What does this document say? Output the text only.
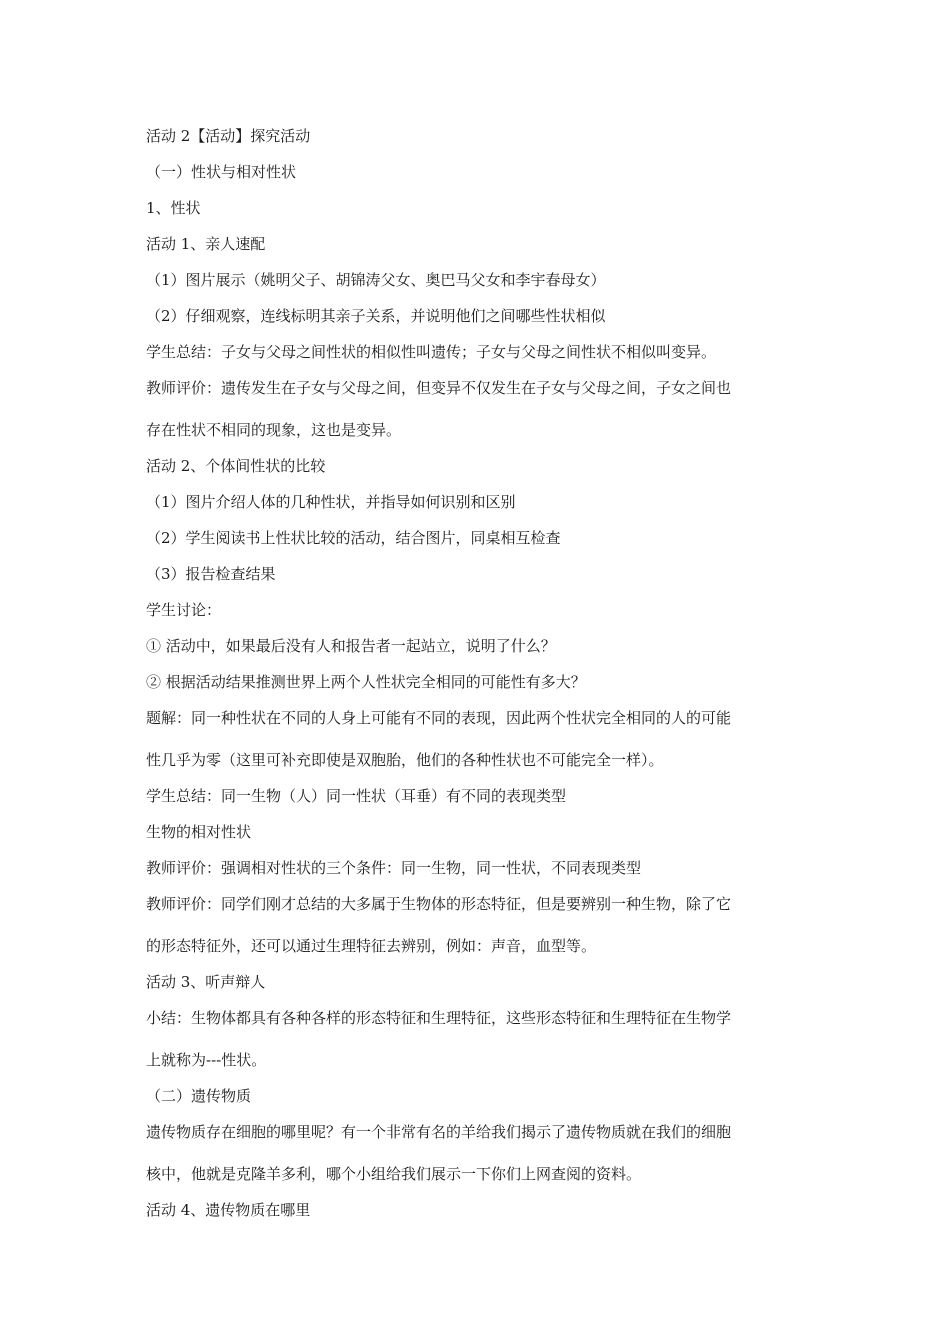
活动 2【活动】探究活动

（一）性状与相对性状

1、性状

活动 1、亲人速配

（1）图片展示（姚明父子、胡锦涛父女、奥巴马父女和李宇春母女）

（2）仔细观察，连线标明其亲子关系，并说明他们之间哪些性状相似

学生总结：子女与父母之间性状的相似性叫遗传；子女与父母之间性状不相似叫变异。

教师评价：遗传发生在子女与父母之间，但变异不仅发生在子女与父母之间，子女之间也

存在性状不相同的现象，这也是变异。

活动 2、个体间性状的比较

（1）图片介绍人体的几种性状，并指导如何识别和区别

（2）学生阅读书上性状比较的活动，结合图片，同桌相互检查

（3）报告检查结果

学生讨论：

① 活动中，如果最后没有人和报告者一起站立，说明了什么？

② 根据活动结果推测世界上两个人性状完全相同的可能性有多大？

题解：同一种性状在不同的人身上可能有不同的表现，因此两个性状完全相同的人的可能

性几乎为零（这里可补充即使是双胞胎，他们的各种性状也不可能完全一样）。

学生总结：同一生物（人）同一性状（耳垂）有不同的表现类型

生物的相对性状

教师评价：强调相对性状的三个条件：同一生物，同一性状，不同表现类型

教师评价：同学们刚才总结的大多属于生物体的形态特征，但是要辨别一种生物，除了它

的形态特征外，还可以通过生理特征去辨别，例如：声音，血型等。

活动 3、听声辩人

小结：生物体都具有各种各样的形态特征和生理特征，这些形态特征和生理特征在生物学

上就称为---性状。

（二）遗传物质

遗传物质存在细胞的哪里呢？有一个非常有名的羊给我们揭示了遗传物质就在我们的细胞

核中，他就是克隆羊多利，哪个小组给我们展示一下你们上网查阅的资料。

活动 4、遗传物质在哪里
